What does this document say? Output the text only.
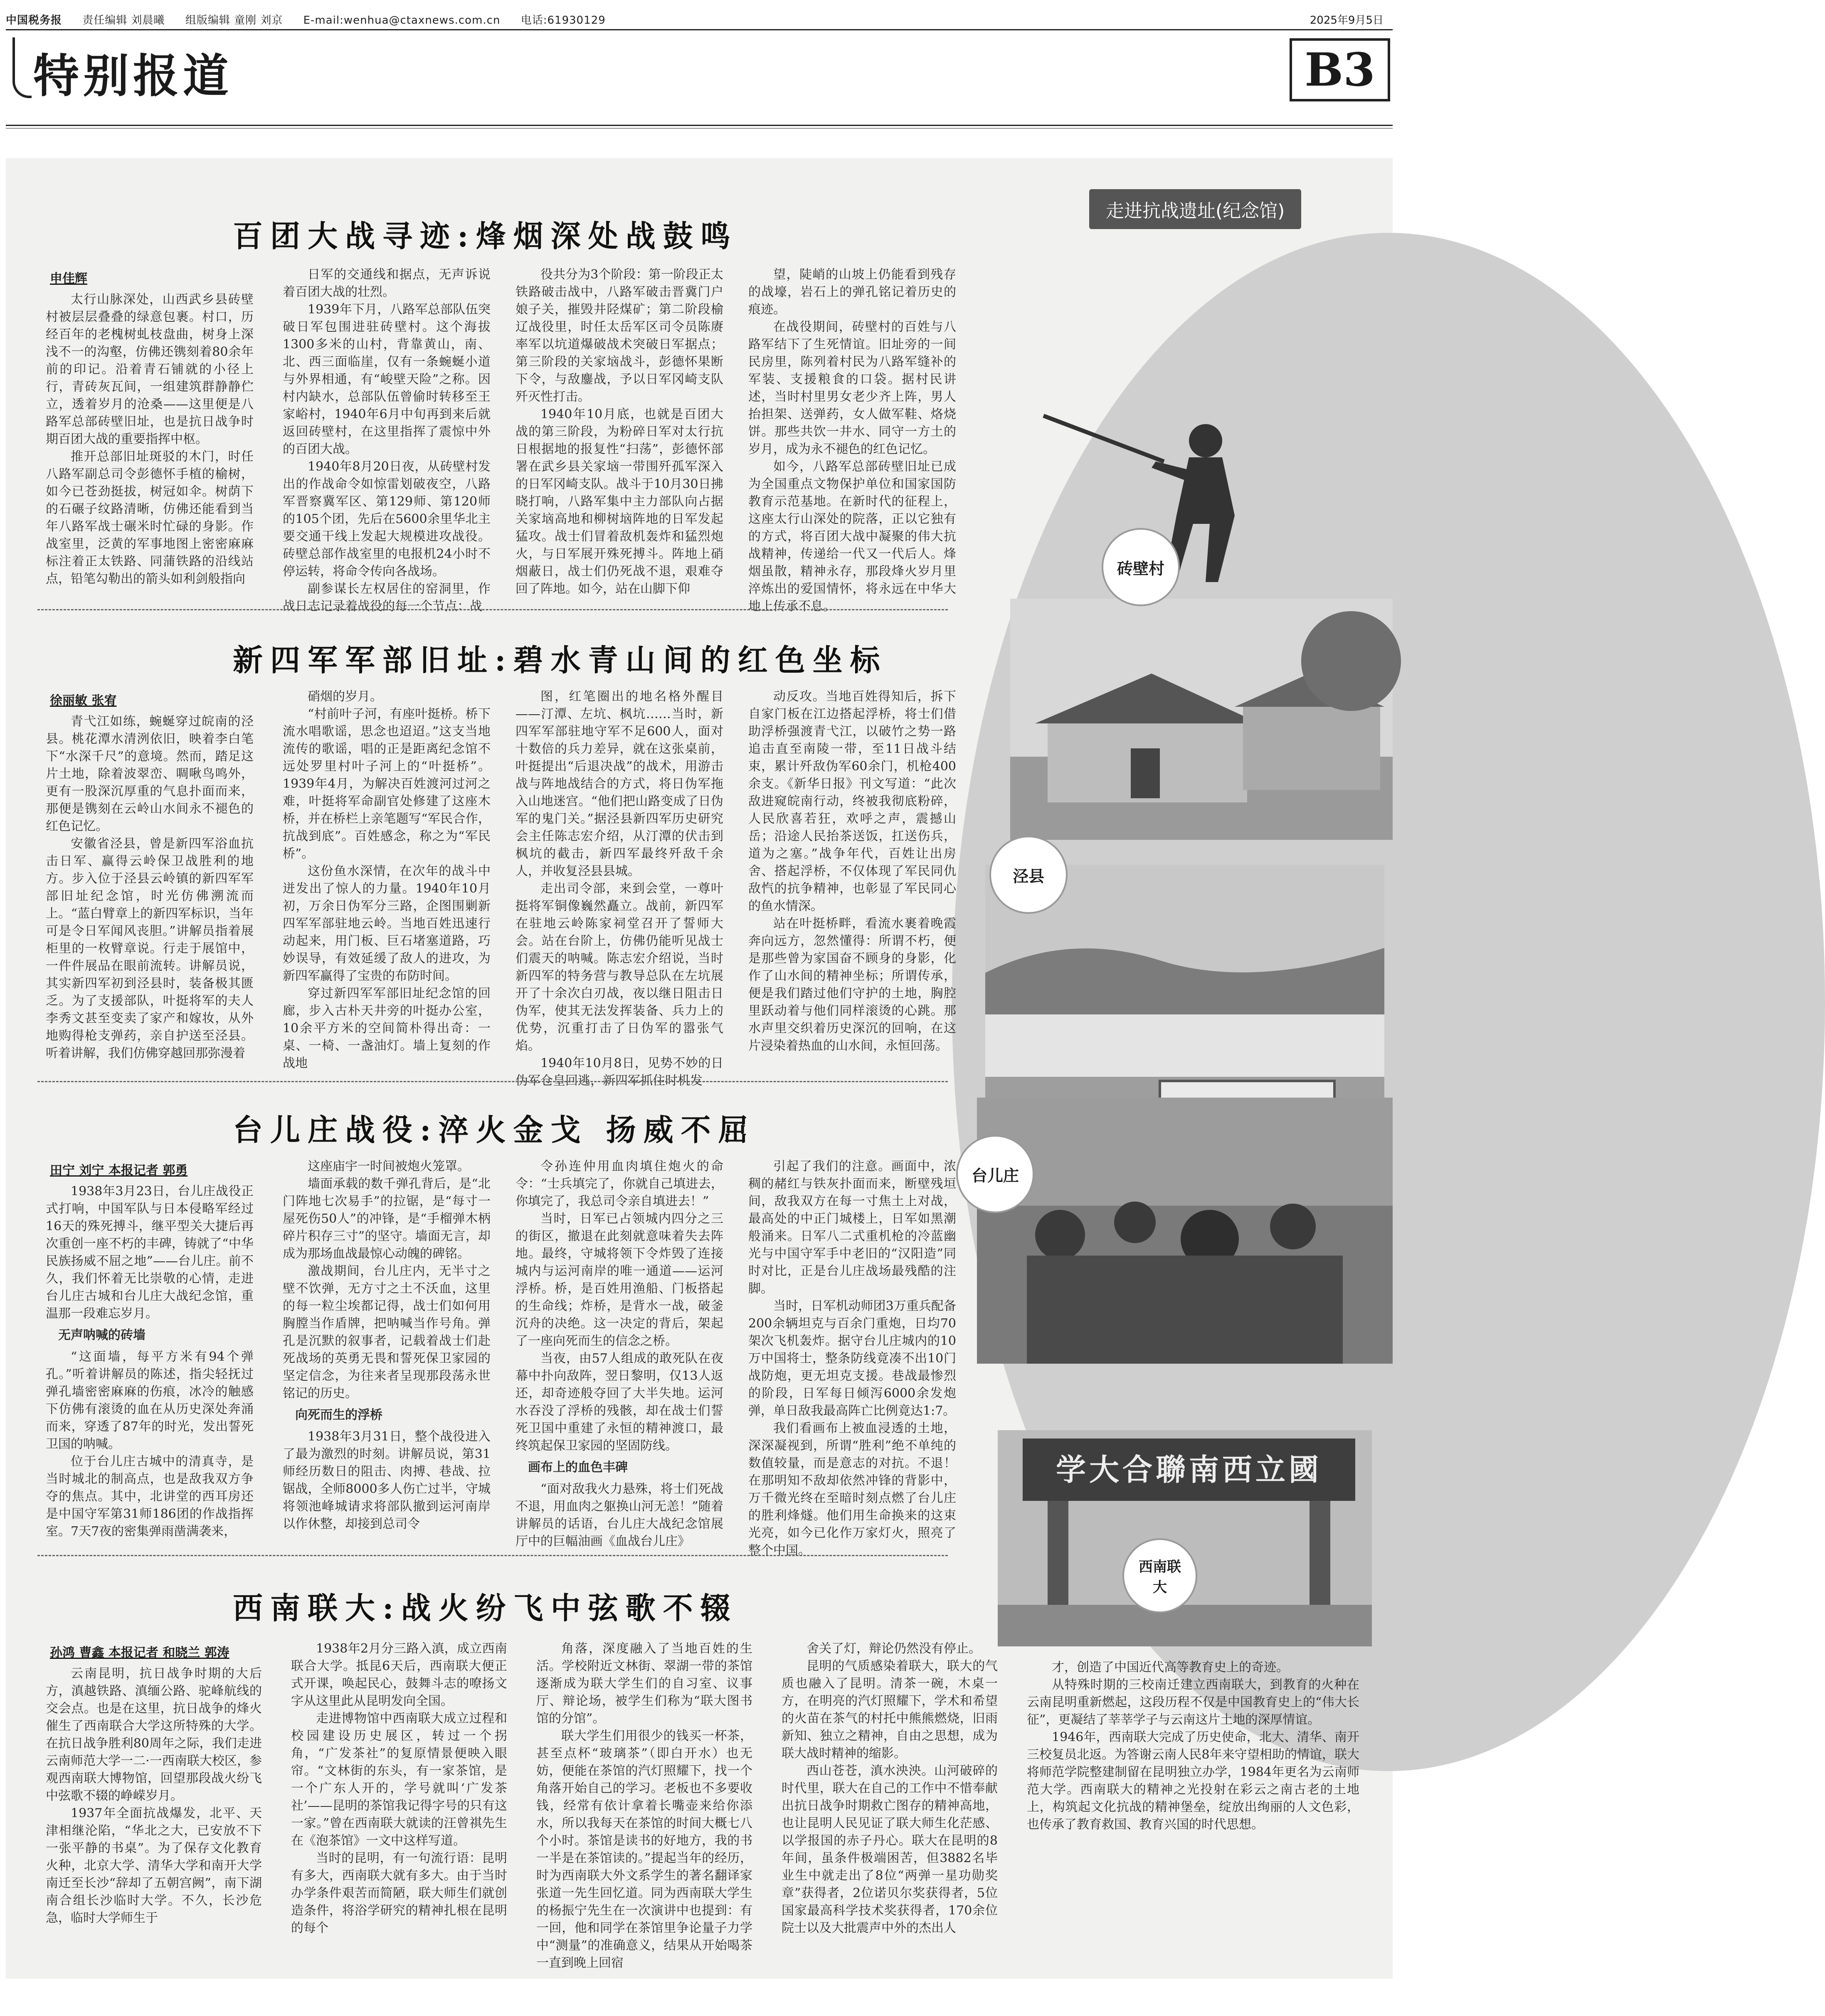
中国税务报 责任编辑 刘晨曦 组版编辑 童刚 刘京 E-mail:wenhua@ctaxnews.com.cn 电话:61930129	2025年9月5日
特别报道	B3
走进抗战遗址(纪念馆)
学大合聯南西立國
砖壁村
泾县
台儿庄
西南联大
百团大战寻迹:烽烟深处战鼓鸣
申佳辉

太行山脉深处，山西武乡县砖壁村被层层叠叠的绿意包裹。村口，历经百年的老槐树虬枝盘曲，树身上深浅不一的沟壑，仿佛还镌刻着80余年前的印记。沿着青石铺就的小径上行，青砖灰瓦间，一组建筑群静静伫立，透着岁月的沧桑——这里便是八路军总部砖壁旧址，也是抗日战争时期百团大战的重要指挥中枢。

推开总部旧址斑驳的木门，时任八路军副总司令彭德怀手植的榆树，如今已苍劲挺拔，树冠如伞。树荫下的石碾子纹路清晰，仿佛还能看到当年八路军战士碾米时忙碌的身影。作战室里，泛黄的军事地图上密密麻麻标注着正太铁路、同蒲铁路的沿线站点，铅笔勾勒出的箭头如利剑般指向

日军的交通线和据点，无声诉说着百团大战的壮烈。

1939年下月，八路军总部队伍突破日军包围进驻砖壁村。这个海拔1300多米的山村，背靠黄山，南、北、西三面临崖，仅有一条蜿蜒小道与外界相通，有“峻壁天险”之称。因村内缺水，总部队伍曾偷时转移至王家峪村，1940年6月中旬再到来后就返回砖壁村，在这里指挥了震惊中外的百团大战。

1940年8月20日夜，从砖壁村发出的作战命令如惊雷划破夜空，八路军晋察冀军区、第129师、第120师的105个团，先后在5600余里华北主要交通干线上发起大规模进攻战役。砖壁总部作战室里的电报机24小时不停运转，将命令传向各战场。

副参谋长左权居住的窑洞里，作战日志记录着战役的每一个节点：战

役共分为3个阶段：第一阶段正太铁路破击战中，八路军破击晋冀门户娘子关，摧毁井陉煤矿；第二阶段榆辽战役里，时任太岳军区司令员陈赓率军以坑道爆破战术突破日军据点；第三阶段的关家垴战斗，彭德怀果断下令，与敌鏖战，予以日军冈崎支队歼灭性打击。

1940年10月底，也就是百团大战的第三阶段，为粉碎日军对太行抗日根据地的报复性“扫荡”，彭德怀部署在武乡县关家垴一带围歼孤军深入的日军冈崎支队。战斗于10月30日拂晓打响，八路军集中主力部队向占据关家垴高地和柳树垴阵地的日军发起猛攻。战士们冒着敌机轰炸和猛烈炮火，与日军展开殊死搏斗。阵地上硝烟蔽日，战士们仍死战不退，艰难夺回了阵地。如今，站在山脚下仰

望，陡峭的山坡上仍能看到残存的战壕，岩石上的弹孔铭记着历史的痕迹。

在战役期间，砖壁村的百姓与八路军结下了生死情谊。旧址旁的一间民房里，陈列着村民为八路军缝补的军装、支援粮食的口袋。据村民讲述，当时村里男女老少齐上阵，男人抬担架、送弹药，女人做军鞋、烙烧饼。那些共饮一井水、同守一方土的岁月，成为永不褪色的红色记忆。

如今，八路军总部砖壁旧址已成为全国重点文物保护单位和国家国防教育示范基地。在新时代的征程上，这座太行山深处的院落，正以它独有的方式，将百团大战中凝聚的伟大抗战精神，传递给一代又一代后人。烽烟虽散，精神永存，那段烽火岁月里淬炼出的爱国情怀，将永远在中华大地上传承不息。

新四军军部旧址:碧水青山间的红色坐标
徐丽敏 张宥

青弋江如练，蜿蜒穿过皖南的泾县。桃花潭水清洌依旧，映着李白笔下“水深千尺”的意境。然而，踏足这片土地，除着波翠峦、啁啾鸟鸣外，更有一股深沉厚重的气息扑面而来，那便是镌刻在云岭山水间永不褪色的红色记忆。

安徽省泾县，曾是新四军浴血抗击日军、赢得云岭保卫战胜利的地方。步入位于泾县云岭镇的新四军军部旧址纪念馆，时光仿佛溯流而上。“蓝白臂章上的新四军标识，当年可是令日军闻风丧胆。”讲解员指着展柜里的一枚臂章说。行走于展馆中，一件件展品在眼前流转。讲解员说，其实新四军初到泾县时，装备极其匮乏。为了支援部队，叶挺将军的夫人李秀文甚至变卖了家产和嫁妆，从外地购得枪支弹药，亲自护送至泾县。听着讲解，我们仿佛穿越回那弥漫着

硝烟的岁月。

“村前叶子河，有座叶挺桥。桥下流水唱歌谣，思念也迢迢。”这支当地流传的歌谣，唱的正是距离纪念馆不远处罗里村叶子河上的“叶挺桥”。1939年4月，为解决百姓渡河过河之难，叶挺将军命副官处修建了这座木桥，并在桥栏上亲笔题写“军民合作，抗战到底”。百姓感念，称之为“军民桥”。

这份鱼水深情，在次年的战斗中迸发出了惊人的力量。1940年10月初，万余日伪军分三路，企图围剿新四军军部驻地云岭。当地百姓迅速行动起来，用门板、巨石堵塞道路，巧妙误导，有效延缓了敌人的进攻，为新四军赢得了宝贵的布防时间。

穿过新四军军部旧址纪念馆的回廊，步入古朴天井旁的叶挺办公室，10余平方米的空间简朴得出奇：一桌、一椅、一盏油灯。墙上复刻的作战地

图，红笔圈出的地名格外醒目——汀潭、左坑、枫坑……当时，新四军军部驻地守军不足600人，面对十数倍的兵力差异，就在这张桌前，叶挺提出“后退决战”的战术，用游击战与阵地战结合的方式，将日伪军拖入山地迷宫。“他们把山路变成了日伪军的鬼门关。”据泾县新四军历史研究会主任陈志宏介绍，从汀潭的伏击到枫坑的截击，新四军最终歼敌千余人，并收复泾县县城。

走出司令部，来到会堂，一尊叶挺将军铜像巍然矗立。战前，新四军在驻地云岭陈家祠堂召开了誓师大会。站在台阶上，仿佛仍能听见战士们震天的呐喊。陈志宏介绍说，当时新四军的特务营与教导总队在左坑展开了十余次白刃战，夜以继日阻击日伪军，使其无法发挥装备、兵力上的优势，沉重打击了日伪军的嚣张气焰。

1940年10月8日，见势不妙的日伪军仓皇回逃，新四军抓住时机发

动反攻。当地百姓得知后，拆下自家门板在江边搭起浮桥，将士们借助浮桥强渡青弋江，以破竹之势一路追击直至南陵一带，至11日战斗结束，累计歼敌伪军60余门，机枪400余支。《新华日报》刊文写道：“此次敌进窥皖南行动，终被我彻底粉碎，人民欣喜若狂，欢呼之声，震撼山岳；沿途人民抬茶送饭，扛送伤兵，道为之塞。”战争年代，百姓让出房舍、搭起浮桥，不仅体现了军民同仇敌忾的抗争精神，也彰显了军民同心的鱼水情深。

站在叶挺桥畔，看流水裹着晚霞奔向远方，忽然懂得：所谓不朽，便是那些曾为家国奋不顾身的身影，化作了山水间的精神坐标；所谓传承，便是我们踏过他们守护的土地，胸腔里跃动着与他们同样滚烫的心跳。那水声里交织着历史深沉的回响，在这片浸染着热血的山水间，永恒回荡。

台儿庄战役:淬火金戈 扬威不屈
田宁 刘宁 本报记者 郭勇

1938年3月23日，台儿庄战役正式打响，中国军队与日本侵略军经过16天的殊死搏斗，继平型关大捷后再次重创一座不朽的丰碑，铸就了“中华民族扬威不屈之地”——台儿庄。前不久，我们怀着无比崇敬的心情，走进台儿庄古城和台儿庄大战纪念馆，重温那一段难忘岁月。

无声呐喊的砖墙

“这面墙，每平方米有94个弹孔。”听着讲解员的陈述，指尖轻抚过弹孔墙密密麻麻的伤痕，冰冷的触感下仿佛有滚烫的血在从历史深处奔涌而来，穿透了87年的时光，发出誓死卫国的呐喊。

位于台儿庄古城中的清真寺，是当时城北的制高点，也是敌我双方争夺的焦点。其中，北讲堂的西耳房还是中国守军第31师186团的作战指挥室。7天7夜的密集弹雨凿满袭来，

这座庙宇一时间被炮火笼罩。

墙面承载的数千弹孔背后，是“北门阵地七次易手”的拉锯，是“每寸一屋死伤50人”的冲锋，是“手榴弹木柄碎片积存三寸”的坚守。墙面无言，却成为那场血战最惊心动魄的碑铭。

激战期间，台儿庄内，无半寸之壁不饮弹，无方寸之土不沃血，这里的每一粒尘埃都记得，战士们如何用胸膛当作盾牌，把呐喊当作号角。弹孔是沉默的叙事者，记载着战士们赴死战场的英勇无畏和誓死保卫家园的坚定信念，为往来者呈现那段荡永世铭记的历史。

向死而生的浮桥

1938年3月31日，整个战役进入了最为激烈的时刻。讲解员说，第31师经历数日的阻击、肉搏、巷战、拉锯战，全师8000多人伤亡过半，守城将领池峰城请求将部队撤到运河南岸以作休整，却接到总司令

令孙连仲用血肉填住炮火的命令：“士兵填完了，你就自己填进去，你填完了，我总司令亲自填进去！”

当时，日军已占领城内四分之三的街区，撤退在此刻就意味着失去阵地。最终，守城将领下令炸毁了连接城内与运河南岸的唯一通道——运河浮桥。桥，是百姓用渔船、门板搭起的生命线；炸桥，是背水一战，破釜沉舟的决绝。这一决定的背后，架起了一座向死而生的信念之桥。

当夜，由57人组成的敢死队在夜幕中扑向敌阵，翌日黎明，仅13人返还，却奇迹般夺回了大半失地。运河水吞没了浮桥的残骸，却在战士们誓死卫国中重建了永恒的精神渡口，最终筑起保卫家园的坚固防线。

画布上的血色丰碑

“面对敌我火力悬殊，将士们死战不退，用血肉之躯换山河无恙！”随着讲解员的话语，台儿庄大战纪念馆展厅中的巨幅油画《血战台儿庄》

引起了我们的注意。画面中，浓稠的赭红与铁灰扑面而来，断壁残垣间，敌我双方在每一寸焦土上对战，最高处的中正门城楼上，日军如黑潮般涌来。日军八二式重机枪的冷蓝幽光与中国守军手中老旧的“汉阳造”同时对比，正是台儿庄战场最残酷的注脚。

当时，日军机动师团3万重兵配备200余辆坦克与百余门重炮，日均70架次飞机轰炸。据守台儿庄城内的10万中国将士，整条防线竟凑不出10门战防炮，更无坦克支援。巷战最惨烈的阶段，日军每日倾泻6000余发炮弹，单日敌我最高阵亡比例竟达1:7。

我们看画布上被血浸透的土地，深深凝视到，所谓“胜利”绝不单纯的数值较量，而是意志的对抗。不退！在那明知不敌却依然冲锋的背影中，万千微光终在至暗时刻点燃了台儿庄的胜利烽燧。他们用生命换来的这束光亮，如今已化作万家灯火，照亮了整个中国。

西南联大:战火纷飞中弦歌不辍
孙鸿 曹鑫 本报记者 和晓兰 郭涛

云南昆明，抗日战争时期的大后方，滇越铁路、滇缅公路、驼峰航线的交会点。也是在这里，抗日战争的烽火催生了西南联合大学这所特殊的大学。在抗日战争胜利80周年之际，我们走进云南师范大学一二·一西南联大校区，参观西南联大博物馆，回望那段战火纷飞中弦歌不辍的峥嵘岁月。

1937年全面抗战爆发，北平、天津相继沦陷，“华北之大，已安放不下一张平静的书桌”。为了保存文化教育火种，北京大学、清华大学和南开大学南迁至长沙“辞却了五朝宫阙”，南下湖南合组长沙临时大学。不久，长沙危急，临时大学师生于

1938年2月分三路入滇，成立西南联合大学。抵昆6天后，西南联大便正式开课，唤起民心，鼓舞斗志的嘹扬文字从这里此从昆明发向全国。

走进博物馆中西南联大成立过程和校园建设历史展区，转过一个拐角，“广发茶社”的复原情景便映入眼帘。“文林街的东头，有一家茶馆，是一个广东人开的，学号就叫‘广发茶社’——昆明的茶馆我记得字号的只有这一家。”曾在西南联大就读的汪曾祺先生在《泡茶馆》一文中这样写道。

当时的昆明，有一句流行语：昆明有多大，西南联大就有多大。由于当时办学条件艰苦而简陋，联大师生们就创造条件，将浴学研究的精神扎根在昆明的每个

角落，深度融入了当地百姓的生活。学校附近文林街、翠湖一带的茶馆逐渐成为联大学生们的自习室、议事厅、辩论场，被学生们称为“联大图书馆的分馆”。

联大学生们用很少的钱买一杯茶，甚至点杯“玻璃茶”（即白开水）也无妨，便能在茶馆的汽灯照耀下，找一个角落开始自己的学习。老板也不多要收钱，经常有依计拿着长嘴壶来给你添水，所以我每天在茶馆的时间大概七八个小时。茶馆是读书的好地方，我的书一半是在茶馆读的。”提起当年的经历，时为西南联大外文系学生的著名翻译家张道一先生回忆道。同为西南联大学生的杨振宁先生在一次演讲中也提到：有一回，他和同学在茶馆里争论量子力学中“测量”的准确意义，结果从开始喝茶一直到晚上回宿

舍关了灯，辩论仍然没有停止。

昆明的气质感染着联大，联大的气质也融入了昆明。清茶一碗，木桌一方，在明亮的汽灯照耀下，学术和希望的火苗在茶气的村托中熊熊燃烧，旧雨新知、独立之精神，自由之思想，成为联大战时精神的缩影。

西山苍苍，滇水泱泱。山河破碎的时代里，联大在自己的工作中不惜奉献出抗日战争时期救亡图存的精神高地，也让昆明人民见证了联大师生化茫感、以学报国的赤子丹心。联大在昆明的8年间，虽条件极端困苦，但3882名毕业生中就走出了8位“两弹一星功勋奖章”获得者，2位诺贝尔奖获得者，5位国家最高科学技术奖获得者，170余位院士以及大批震声中外的杰出人

才，创造了中国近代高等教育史上的奇迹。

从特殊时期的三校南迁建立西南联大，到教育的火种在云南昆明重新燃起，这段历程不仅是中国教育史上的“伟大长征”，更凝结了莘莘学子与云南这片土地的深厚情谊。

1946年，西南联大完成了历史使命，北大、清华、南开三校复员北返。为答谢云南人民8年来守望相助的情谊，联大将师范学院整建制留在昆明独立办学，1984年更名为云南师范大学。西南联大的精神之光投射在彩云之南古老的土地上，构筑起文化抗战的精神堡垒，绽放出绚丽的人文色彩，也传承了教育救国、教育兴国的时代思想。
